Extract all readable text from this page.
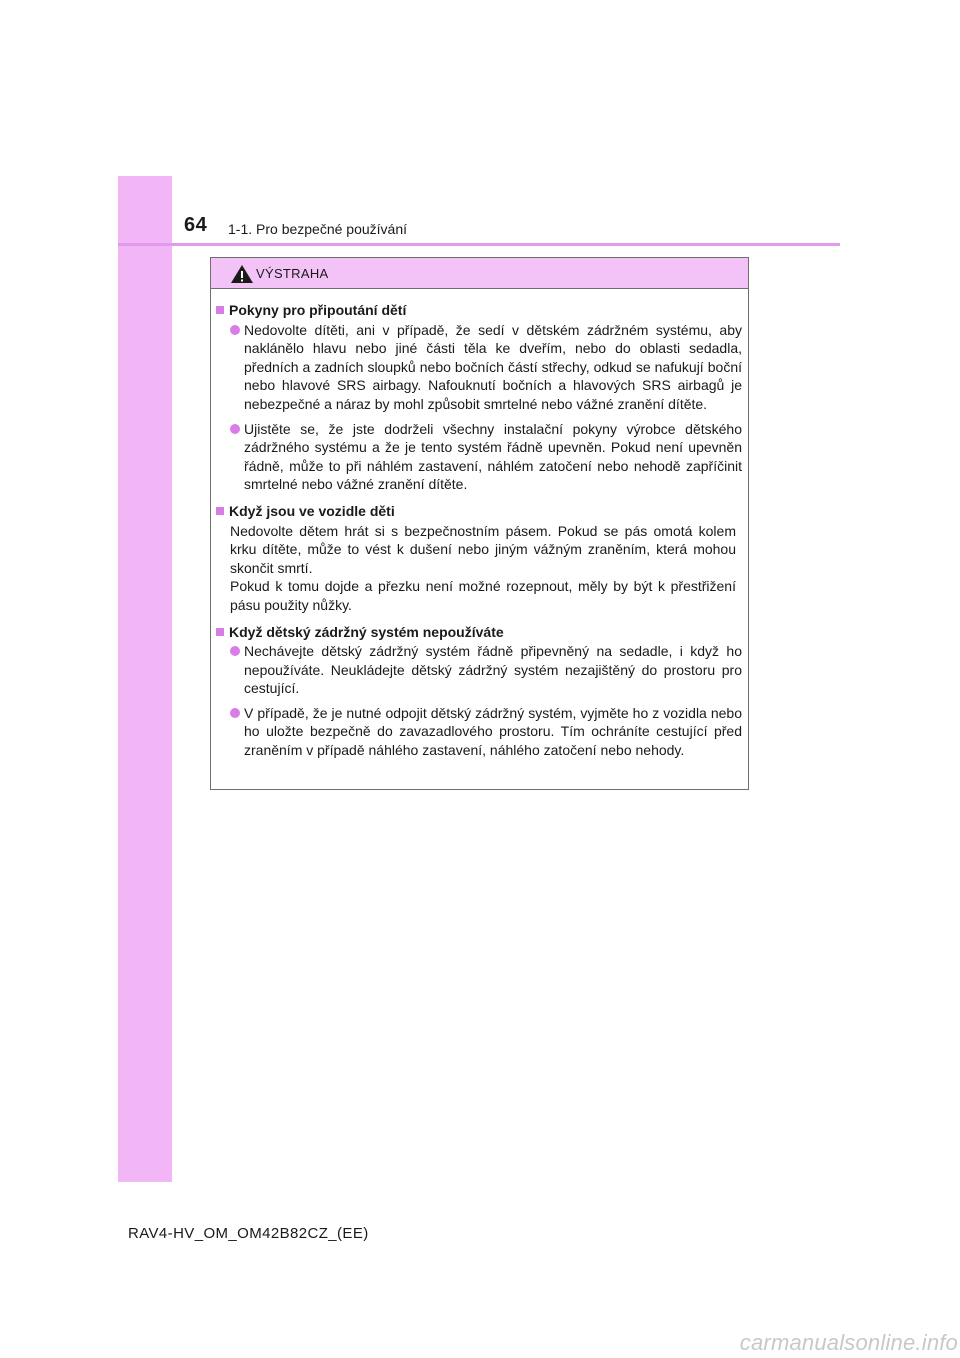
64 1-1. Pro bezpečné používání
VÝSTRAHA
Pokyny pro připoutání dětí
Nedovolte dítěti, ani v případě, že sedí v dětském zádržném systému, aby naklánělo hlavu nebo jiné části těla ke dveřím, nebo do oblasti sedadla, předních a zadních sloupků nebo bočních částí střechy, odkud se nafukují boční nebo hlavové SRS airbagy. Nafouknutí bočních a hlavových SRS airbagů je nebezpečné a náraz by mohl způsobit smrtelné nebo vážné zranění dítěte.
Ujistěte se, že jste dodrželi všechny instalační pokyny výrobce dětského zádržného systému a že je tento systém řádně upevněn. Pokud není upevněn řádně, může to při náhlém zastavení, náhlém zatočení nebo nehodě zapříčinit smrtelné nebo vážné zranění dítěte.
Když jsou ve vozidle děti
Nedovolte dětem hrát si s bezpečnostním pásem. Pokud se pás omotá kolem krku dítěte, může to vést k dušení nebo jiným vážným zraněním, která mohou skončit smrtí.
Pokud k tomu dojde a přezku není možné rozepnout, měly by být k přestřižení pásu použity nůžky.
Když dětský zádržný systém nepoužíváte
Nechávejte dětský zádržný systém řádně připevněný na sedadle, i když ho nepoužíváte. Neukládejte dětský zádržný systém nezajištěný do prostoru pro cestující.
V případě, že je nutné odpojit dětský zádržný systém, vyjměte ho z vozidla nebo ho uložte bezpečně do zavazadlového prostoru. Tím ochráníte cestující před zraněním v případě náhlého zastavení, náhlého zatočení nebo nehody.
RAV4-HV_OM_OM42B82CZ_(EE)
carmanualsonline.info
